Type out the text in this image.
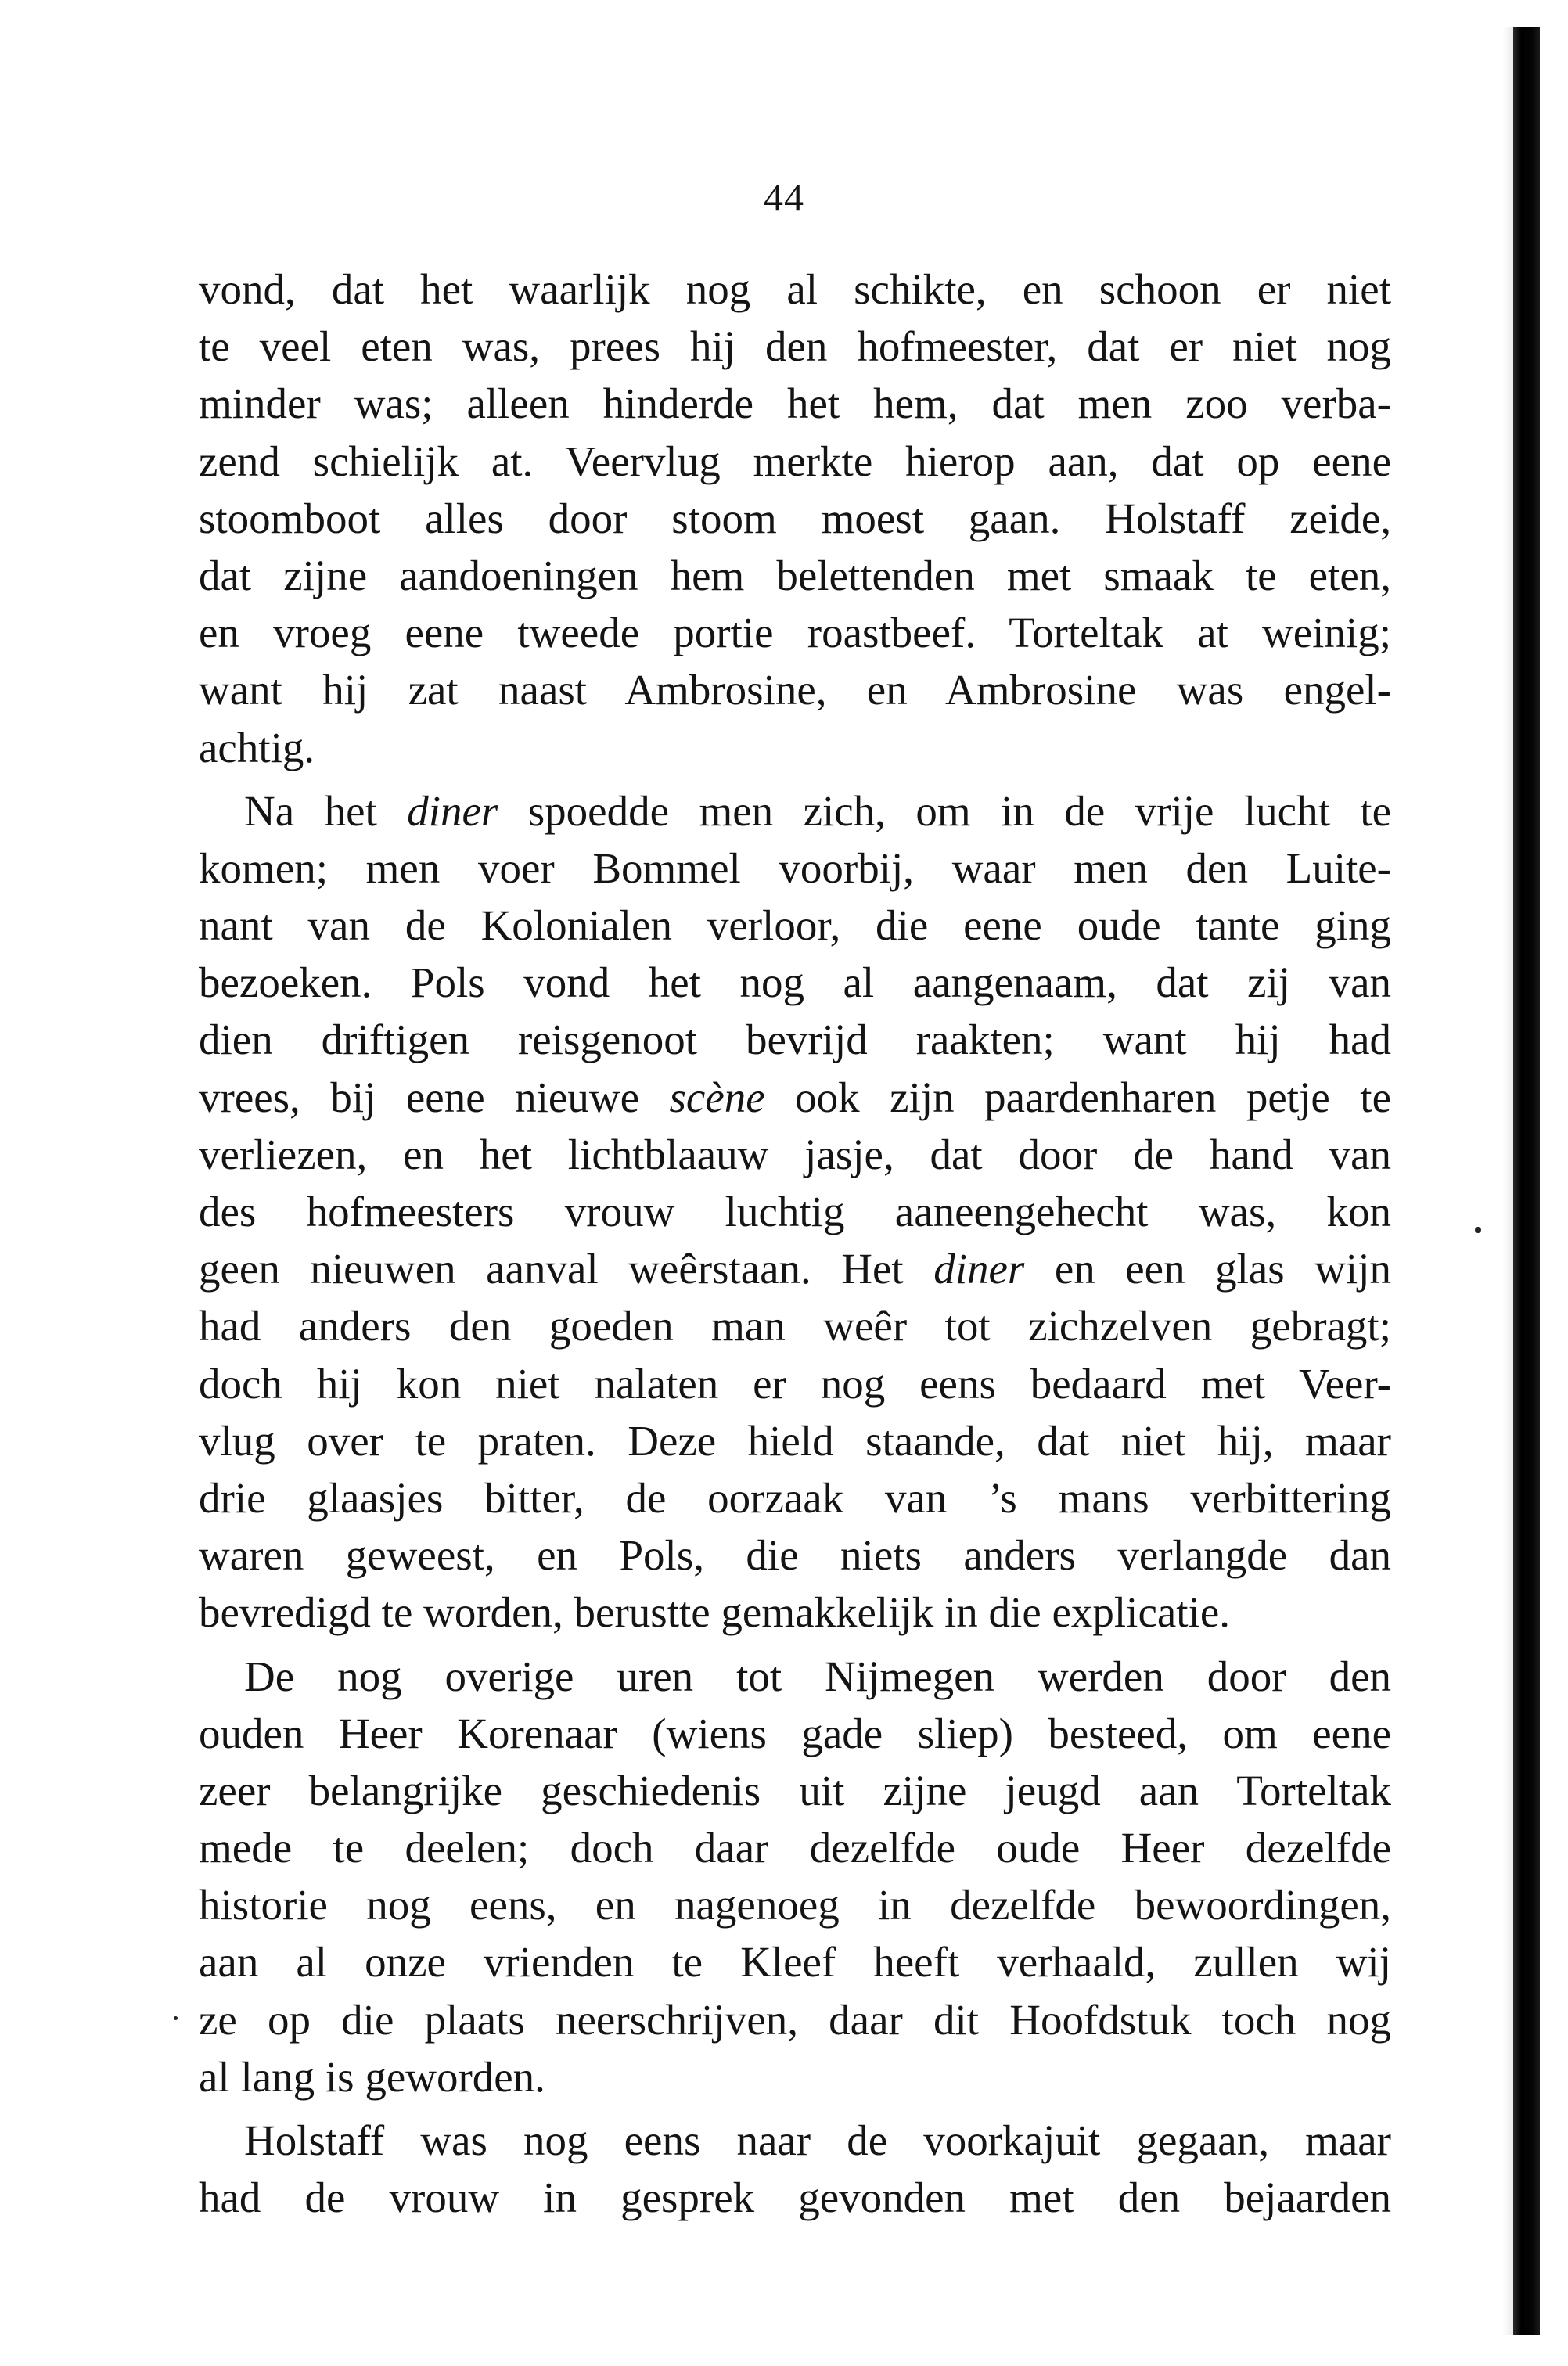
44
vond, dat het waarlijk nog al schikte, en schoon er niet
te veel eten was, prees hij den hofmeester, dat er niet nog
minder was; alleen hinderde het hem, dat men zoo verba-
zend schielijk at. Veervlug merkte hierop aan, dat op eene
stoomboot alles door stoom moest gaan. Holstaff zeide,
dat zijne aandoeningen hem belettenden met smaak te eten,
en vroeg eene tweede portie roastbeef. Torteltak at weinig;
want hij zat naast Ambrosine, en Ambrosine was engel-
achtig.
Na het diner spoedde men zich, om in de vrije lucht te
komen; men voer Bommel voorbij, waar men den Luite-
nant van de Kolonialen verloor, die eene oude tante ging
bezoeken. Pols vond het nog al aangenaam, dat zij van
dien driftigen reisgenoot bevrijd raakten; want hij had
vrees, bij eene nieuwe scène ook zijn paardenharen petje te
verliezen, en het lichtblaauw jasje, dat door de hand van
des hofmeesters vrouw luchtig aaneengehecht was, kon
geen nieuwen aanval weêrstaan. Het diner en een glas wijn
had anders den goeden man weêr tot zichzelven gebragt;
doch hij kon niet nalaten er nog eens bedaard met Veer-
vlug over te praten. Deze hield staande, dat niet hij, maar
drie glaasjes bitter, de oorzaak van ’s mans verbittering
waren geweest, en Pols, die niets anders verlangde dan
bevredigd te worden, berustte gemakkelijk in die explicatie.
De nog overige uren tot Nijmegen werden door den
ouden Heer Korenaar (wiens gade sliep) besteed, om eene
zeer belangrijke geschiedenis uit zijne jeugd aan Torteltak
mede te deelen; doch daar dezelfde oude Heer dezelfde
historie nog eens, en nagenoeg in dezelfde bewoordingen,
aan al onze vrienden te Kleef heeft verhaald, zullen wij
ze op die plaats neerschrijven, daar dit Hoofdstuk toch nog
al lang is geworden.
Holstaff was nog eens naar de voorkajuit gegaan, maar
had de vrouw in gesprek gevonden met den bejaarden
